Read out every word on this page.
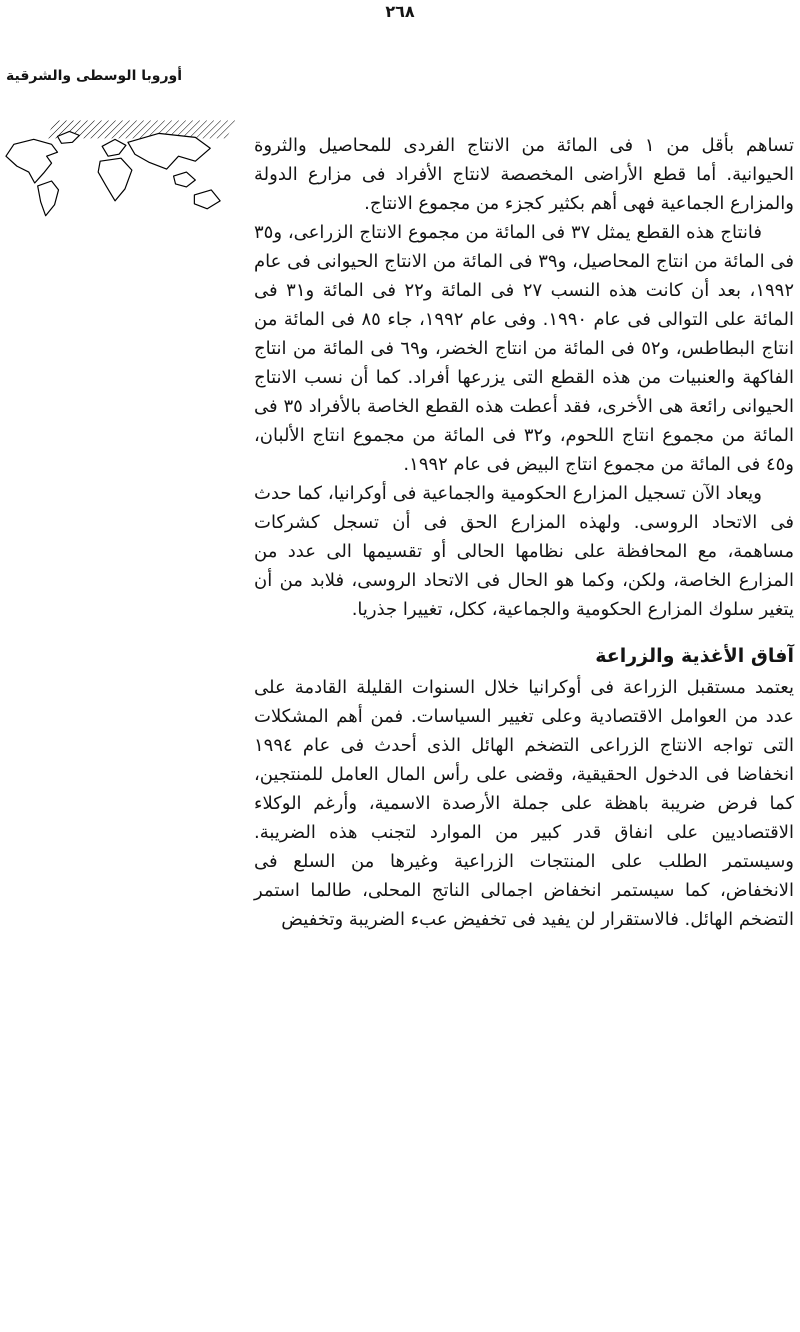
٢٦٨
أوروبا الوسطى والشرقية

تساهم بأقل من ١ فى المائة من الانتاج الفردى للمحاصيل والثروة الحيوانية. أما قطع الأراضى المخصصة لانتاج الأفراد فى مزارع الدولة والمزارع الجماعية فهى أهم بكثير كجزء من مجموع الانتاج.

فانتاج هذه القطع يمثل ٣٧ فى المائة من مجموع الانتاج الزراعى، و٣٥ فى المائة من انتاج المحاصيل، و٣٩ فى المائة من الانتاج الحيوانى فى عام ١٩٩٢، بعد أن كانت هذه النسب ٢٧ فى المائة و٢٢ فى المائة و٣١ فى المائة على التوالى فى عام ١٩٩٠. وفى عام ١٩٩٢، جاء ٨٥ فى المائة من انتاج البطاطس، و٥٢ فى المائة من انتاج الخضر، و٦٩ فى المائة من انتاج الفاكهة والعنبيات من هذه القطع التى يزرعها أفراد. كما أن نسب الانتاج الحيوانى رائعة هى الأخرى، فقد أعطت هذه القطع الخاصة بالأفراد ٣٥ فى المائة من مجموع انتاج اللحوم، و٣٢ فى المائة من مجموع انتاج الألبان، و٤٥ فى المائة من مجموع انتاج البيض فى عام ١٩٩٢.

ويعاد الآن تسجيل المزارع الحكومية والجماعية فى أوكرانيا، كما حدث فى الاتحاد الروسى. ولهذه المزارع الحق فى أن تسجل كشركات مساهمة، مع المحافظة على نظامها الحالى أو تقسيمها الى عدد من المزارع الخاصة، ولكن، وكما هو الحال فى الاتحاد الروسى، فلابد من أن يتغير سلوك المزارع الحكومية والجماعية، ككل، تغييرا جذريا.

آفاق الأغذية والزراعة

يعتمد مستقبل الزراعة فى أوكرانيا خلال السنوات القليلة القادمة على عدد من العوامل الاقتصادية وعلى تغيير السياسات. فمن أهم المشكلات التى تواجه الانتاج الزراعى التضخم الهائل الذى أحدث فى عام ١٩٩٤ انخفاضا فى الدخول الحقيقية، وقضى على رأس المال العامل للمنتجين، كما فرض ضريبة باهظة على جملة الأرصدة الاسمية، وأرغم الوكلاء الاقتصاديين على انفاق قدر كبير من الموارد لتجنب هذه الضريبة. وسيستمر الطلب على المنتجات الزراعية وغيرها من السلع فى الانخفاض، كما سيستمر انخفاض اجمالى الناتج المحلى، طالما استمر التضخم الهائل. فالاستقرار لن يفيد فى تخفيض عبء الضريبة وتخفيض
